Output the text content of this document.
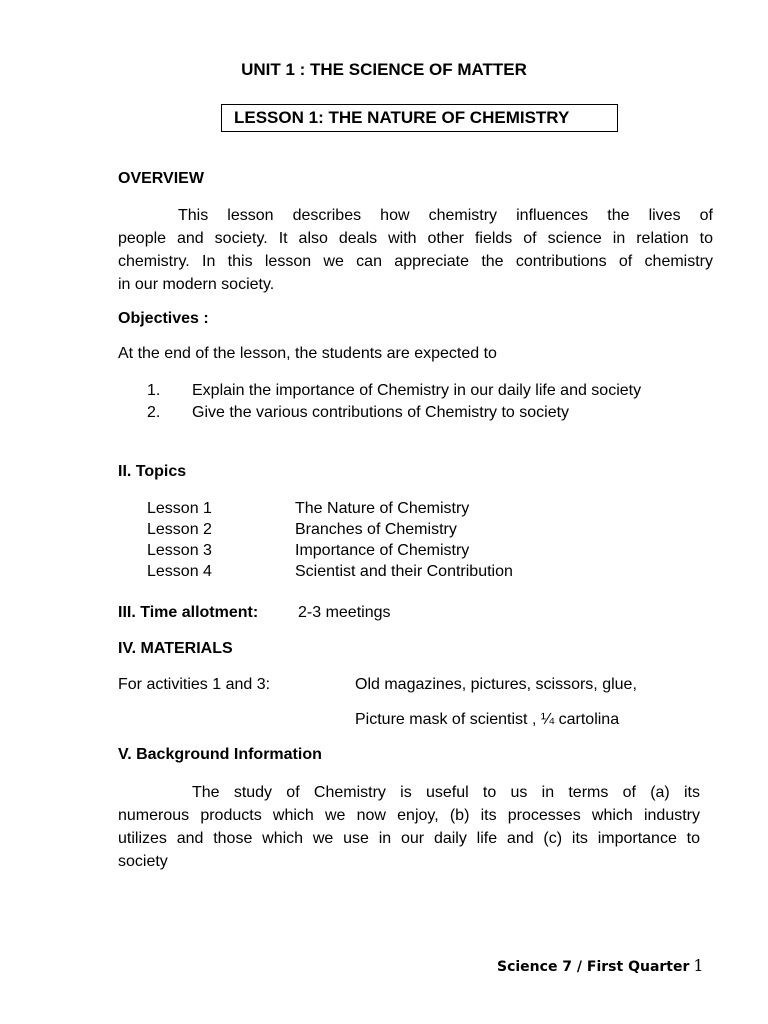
UNIT 1 : THE SCIENCE OF MATTER
LESSON 1: THE NATURE OF CHEMISTRY
OVERVIEW
This lesson describes how chemistry influences the lives of
people and society. It also deals with other fields of science in relation to
chemistry. In this lesson we can appreciate the contributions of chemistry
in our modern society.
Objectives :
At the end of the lesson, the students are expected to
1. Explain the importance of Chemistry in our daily life and society
2. Give the various contributions of Chemistry to society
II. Topics
Lesson 1	The Nature of Chemistry
Lesson 2	Branches of Chemistry
Lesson 3	Importance of Chemistry
Lesson 4	Scientist and their Contribution
III. Time allotment: 2-3 meetings
IV. MATERIALS
For activities 1 and 3:	Old magazines, pictures, scissors, glue,
Picture mask of scientist , ¼ cartolina
V. Background Information
The study of Chemistry is useful to us in terms of (a) its
numerous products which we now enjoy, (b) its processes which industry
utilizes and those which we use in our daily life and (c) its importance to
society
Science 7 / First Quarter 1
